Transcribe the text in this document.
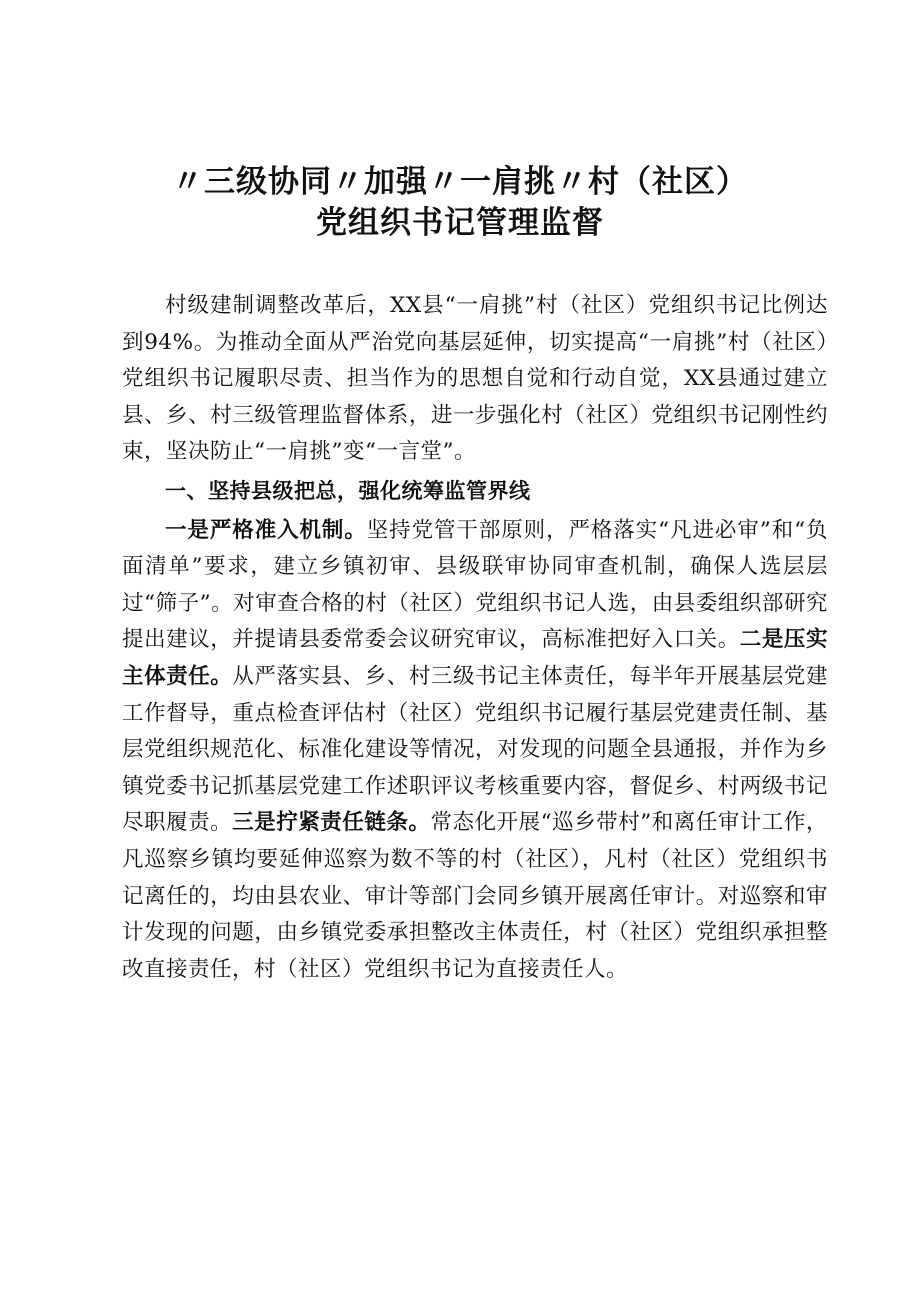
〃三级协同〃加强〃一肩挑〃村（社区）
党组织书记管理监督

村级建制调整改革后，XX县“一肩挑”村（社区）党组织书记比例达到94%。为推动全面从严治党向基层延伸，切实提高“一肩挑”村（社区）党组织书记履职尽责、担当作为的思想自觉和行动自觉，XX县通过建立县、乡、村三级管理监督体系，进一步强化村（社区）党组织书记刚性约束，坚决防止“一肩挑”变“一言堂”。

一、坚持县级把总，强化统筹监管界线

一是严格准入机制。坚持党管干部原则，严格落实“凡进必审”和“负面清单”要求，建立乡镇初审、县级联审协同审查机制，确保人选层层过“筛子”。对审查合格的村（社区）党组织书记人选，由县委组织部研究提出建议，并提请县委常委会议研究审议，高标准把好入口关。二是压实主体责任。从严落实县、乡、村三级书记主体责任，每半年开展基层党建工作督导，重点检查评估村（社区）党组织书记履行基层党建责任制、基层党组织规范化、标准化建设等情况，对发现的问题全县通报，并作为乡镇党委书记抓基层党建工作述职评议考核重要内容，督促乡、村两级书记尽职履责。三是拧紧责任链条。常态化开展“巡乡带村”和离任审计工作，凡巡察乡镇均要延伸巡察为数不等的村（社区），凡村（社区）党组织书记离任的，均由县农业、审计等部门会同乡镇开展离任审计。对巡察和审计发现的问题，由乡镇党委承担整改主体责任，村（社区）党组织承担整改直接责任，村（社区）党组织书记为直接责任人。
